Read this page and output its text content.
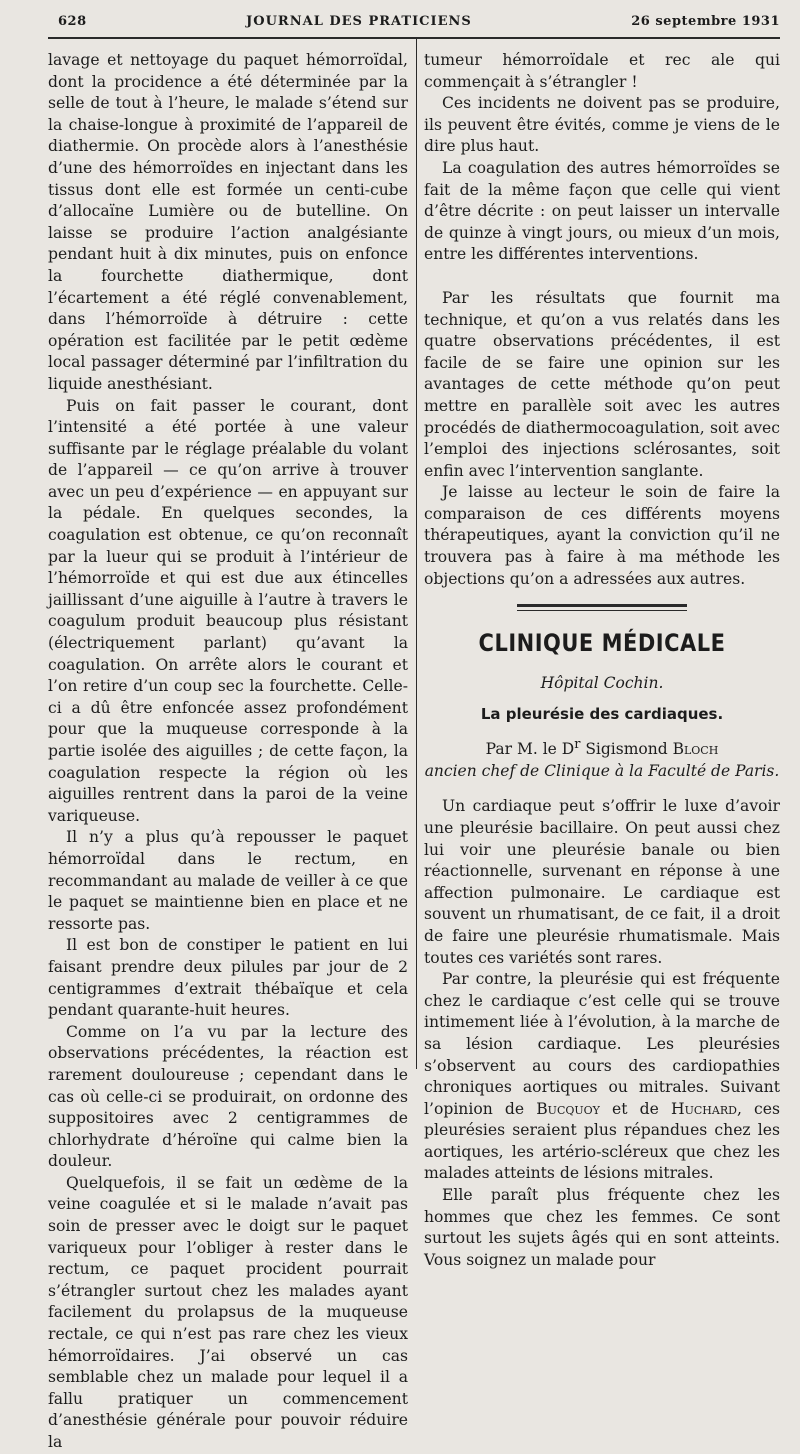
628	JOURNAL DES PRATICIENS	26 septembre 1931

lavage et nettoyage du paquet hémorroïdal, dont la procidence a été déterminée par la selle de tout à l’heure, le malade s’étend sur la chaise-longue à proximité de l’appareil de diathermie. On procède alors à l’anesthésie d’une des hémorroïdes en injectant dans les tissus dont elle est formée un centi-cube d’allocaïne Lumière ou de butelline. On laisse se produire l’action analgésiante pendant huit à dix minutes, puis on enfonce la fourchette diathermique, dont l’écartement a été réglé convenablement, dans l’hémorroïde à détruire : cette opération est facilitée par le petit œdème local passager déterminé par l’infiltration du liquide anesthésiant.

Puis on fait passer le courant, dont l’intensité a été portée à une valeur suffisante par le réglage préalable du volant de l’appareil — ce qu’on arrive à trouver avec un peu d’expérience — en appuyant sur la pédale. En quelques secondes, la coagulation est obtenue, ce qu’on reconnaît par la lueur qui se produit à l’intérieur de l’hémorroïde et qui est due aux étincelles jaillissant d’une aiguille à l’autre à travers le coagulum produit beaucoup plus résistant (électriquement parlant) qu’avant la coagulation. On arrête alors le courant et l’on retire d’un coup sec la fourchette. Celle-ci a dû être enfoncée assez profondément pour que la muqueuse corresponde à la partie isolée des aiguilles ; de cette façon, la coagulation respecte la région où les aiguilles rentrent dans la paroi de la veine variqueuse.

Il n’y a plus qu’à repousser le paquet hémorroïdal dans le rectum, en recommandant au malade de veiller à ce que le paquet se maintienne bien en place et ne ressorte pas.

Il est bon de constiper le patient en lui faisant prendre deux pilules par jour de 2 centigrammes d’extrait thébaïque et cela pendant quarante-huit heures.

Comme on l’a vu par la lecture des observations précédentes, la réaction est rarement douloureuse ; cependant dans le cas où celle-ci se produirait, on ordonne des suppositoires avec 2 centigrammes de chlorhydrate d’héroïne qui calme bien la douleur.

Quelquefois, il se fait un œdème de la veine coagulée et si le malade n’avait pas soin de presser avec le doigt sur le paquet variqueux pour l’obliger à rester dans le rectum, ce paquet procident pourrait s’étrangler surtout chez les malades ayant facilement du prolapsus de la muqueuse rectale, ce qui n’est pas rare chez les vieux hémorroïdaires. J’ai observé un cas semblable chez un malade pour lequel il a fallu pratiquer un commencement d’anesthésie générale pour pouvoir réduire la

tumeur hémorroïdale et rec ale qui commençait à s’étrangler !

Ces incidents ne doivent pas se produire, ils peuvent être évités, comme je viens de le dire plus haut.

La coagulation des autres hémorroïdes se fait de la même façon que celle qui vient d’être décrite : on peut laisser un intervalle de quinze à vingt jours, ou mieux d’un mois, entre les différentes interventions.

Par les résultats que fournit ma technique, et qu’on a vus relatés dans les quatre observations précédentes, il est facile de se faire une opinion sur les avantages de cette méthode qu’on peut mettre en parallèle soit avec les autres procédés de diathermocoagulation, soit avec l’emploi des injections sclérosantes, soit enfin avec l’intervention sanglante.

Je laisse au lecteur le soin de faire la comparaison de ces différents moyens thérapeutiques, ayant la conviction qu’il ne trouvera pas à faire à ma méthode les objections qu’on a adressées aux autres.

CLINIQUE MÉDICALE
Hôpital Cochin.
La pleurésie des cardiaques.
Par M. le $D^r$ Sigismond Bloch
ancien chef de Clinique à la Faculté de Paris.

Un cardiaque peut s’offrir le luxe d’avoir une pleurésie bacillaire. On peut aussi chez lui voir une pleurésie banale ou bien réactionnelle, survenant en réponse à une affection pulmonaire. Le cardiaque est souvent un rhumatisant, de ce fait, il a droit de faire une pleurésie rhumatismale. Mais toutes ces variétés sont rares.

Par contre, la pleurésie qui est fréquente chez le cardiaque c’est celle qui se trouve intimement liée à l’évolution, à la marche de sa lésion cardiaque. Les pleurésies s’observent au cours des cardiopathies chroniques aortiques ou mitrales. Suivant l’opinion de Bucquoy et de Huchard, ces pleurésies seraient plus répandues chez les aortiques, les artério-scléreux que chez les malades atteints de lésions mitrales.

Elle paraît plus fréquente chez les hommes que chez les femmes. Ce sont surtout les sujets âgés qui en sont atteints. Vous soignez un malade pour
